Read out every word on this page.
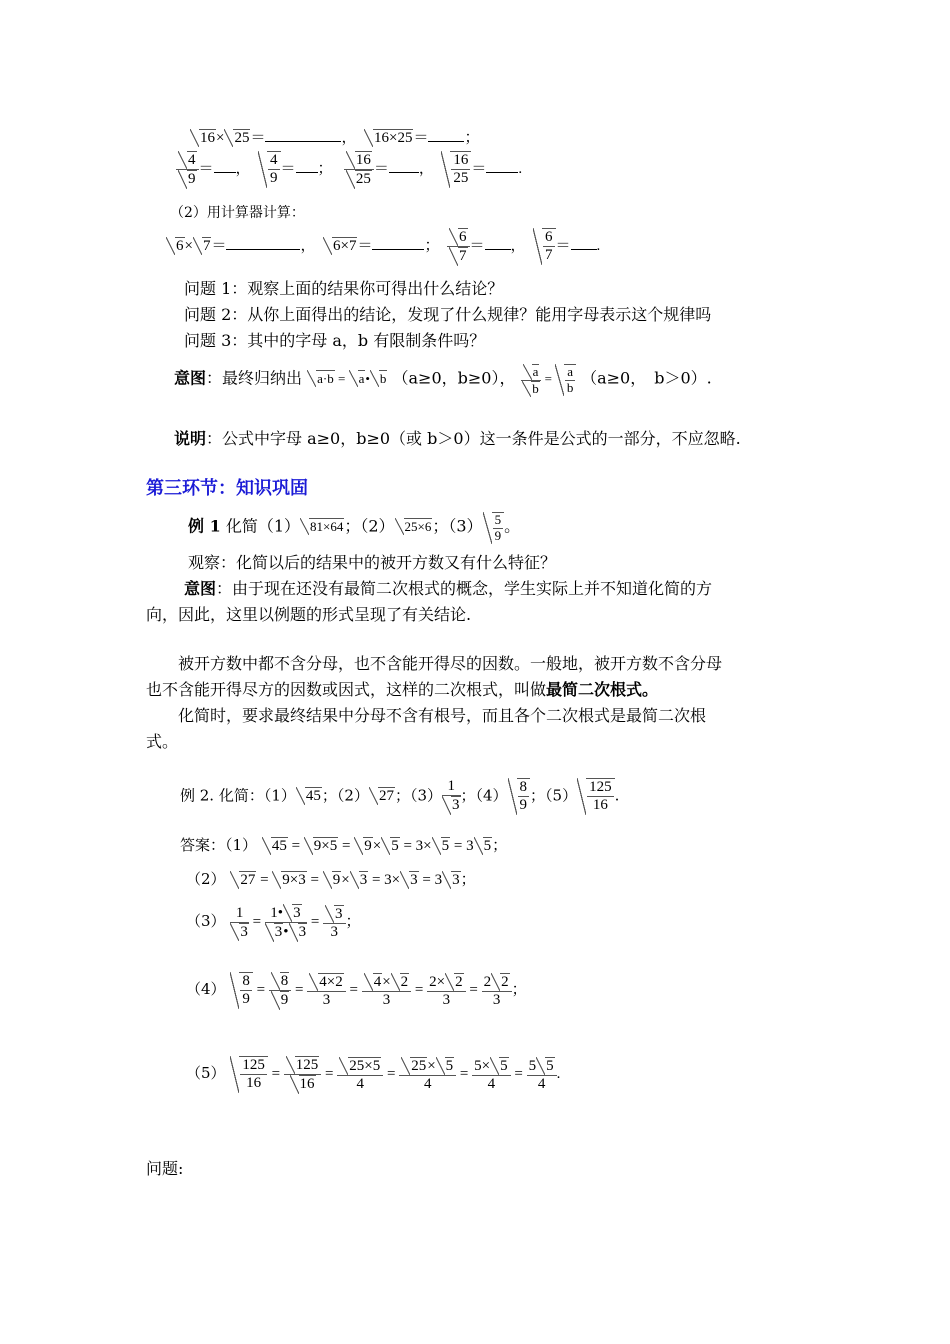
16× 25＝	， 16×25＝ ；
$\frac{4}{9}$ ＝ ， $\frac{4}{9}$ ＝ ； $\frac{16}{25}$ ＝ ， $\frac{16}{25}$ ＝ .
（2）用计算器计算：
6× 7＝	， 6×7＝	； $\frac{6}{7}$ ＝ ， $\frac{6}{7}$ ＝ .
问题 1：观察上面的结果你可得出什么结论？
问题 2：从你上面得出的结论，发现了什么规律？能用字母表示这个规律吗
问题 3：其中的字母 a，b 有限制条件吗？
意图：最终归纳出 a·b = a• b （a≥0，b≥0）， $\frac{a}{b} = \frac{a}{b} (a\ge 0$，　b＞0）.
说明：公式中字母 a≥0，b≥0（或 b＞0）这一条件是公式的一部分，不应忽略.
第三环节：知识巩固
例 1 化简（1） 81×64；（2） 25×6；$(3) \frac{5}{9}$ 。
观察：化简以后的结果中的被开方数又有什么特征？
意图：由于现在还没有最简二次根式的概念，学生实际上并不知道化简的方
向，因此，这里以例题的形式呈现了有关结论.
被开方数中都不含分母，也不含能开得尽的因数。一般地，被开方数不含分母
也不含能开得尽方的因数或因式，这样的二次根式，叫做最简二次根式。
化简时，要求最终结果中分母不含有根号，而且各个二次根式是最简二次根
式。
例 2. 化简：（1） 45；（2） 27；$(3) \frac{1}{3}$ ；$(4) \frac{8}{9}$ ；$(5) \frac{125}{16}$ .
答案：（1） 45 = 9×5 = 9× 5 = 3× 5 = 3 5；
（2） 27 = 9×3 = 9× 3 = 3× 3 = 3 3；
$(3) \frac{1}{3} = \frac{1• 3}{3• 3} = \frac{3}{3}$ ；
$(4) \frac{8}{9} = \frac{8}{9} = \frac{4\times 2}{3} = \frac{4\times 2}{3} = \frac{2\times 2}{3} = \frac{2 2}{3}$ ；
$(5) \frac{125}{16} = \frac{125}{16} = \frac{25\times 5}{4} = \frac{25\times 5}{4} = \frac{5\times 5}{4} = \frac{5 5}{4}$ .
问题:
